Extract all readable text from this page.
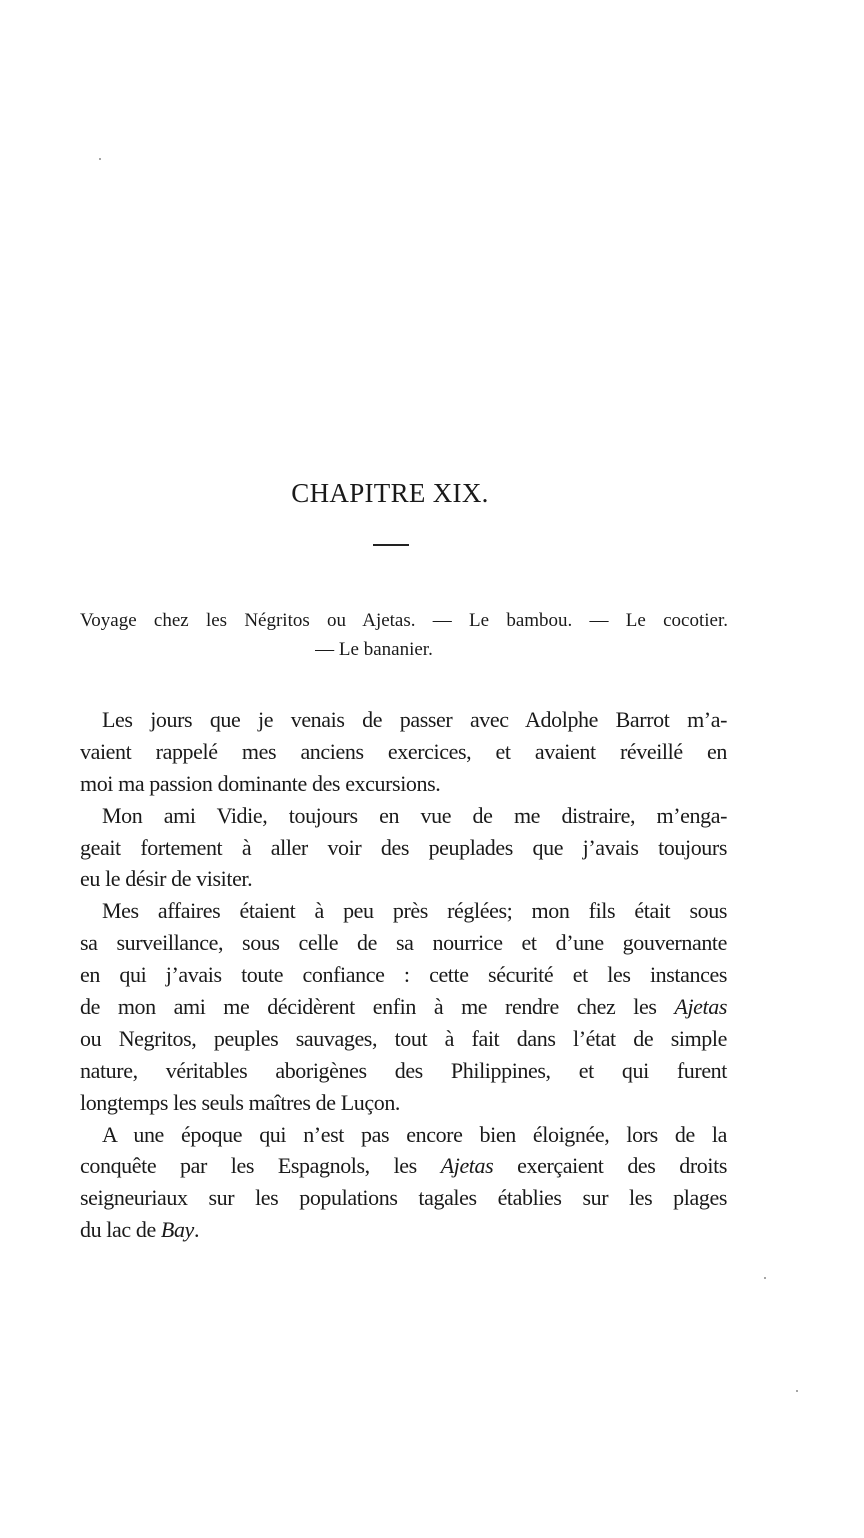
CHAPITRE XIX.
Voyage chez les Négritos ou Ajetas. — Le bambou. — Le cocotier.
— Le bananier.
Les jours que je venais de passer avec Adolphe Barrot m’a-
vaient rappelé mes anciens exercices, et avaient réveillé en
moi ma passion dominante des excursions.
Mon ami Vidie, toujours en vue de me distraire, m’enga-
geait fortement à aller voir des peuplades que j’avais toujours
eu le désir de visiter.
Mes affaires étaient à peu près réglées; mon fils était sous
sa surveillance, sous celle de sa nourrice et d’une gouvernante
en qui j’avais toute confiance : cette sécurité et les instances
de mon ami me décidèrent enfin à me rendre chez les Ajetas
ou Negritos, peuples sauvages, tout à fait dans l’état de simple
nature, véritables aborigènes des Philippines, et qui furent
longtemps les seuls maîtres de Luçon.
A une époque qui n’est pas encore bien éloignée, lors de la
conquête par les Espagnols, les Ajetas exerçaient des droits
seigneuriaux sur les populations tagales établies sur les plages
du lac de Bay.
